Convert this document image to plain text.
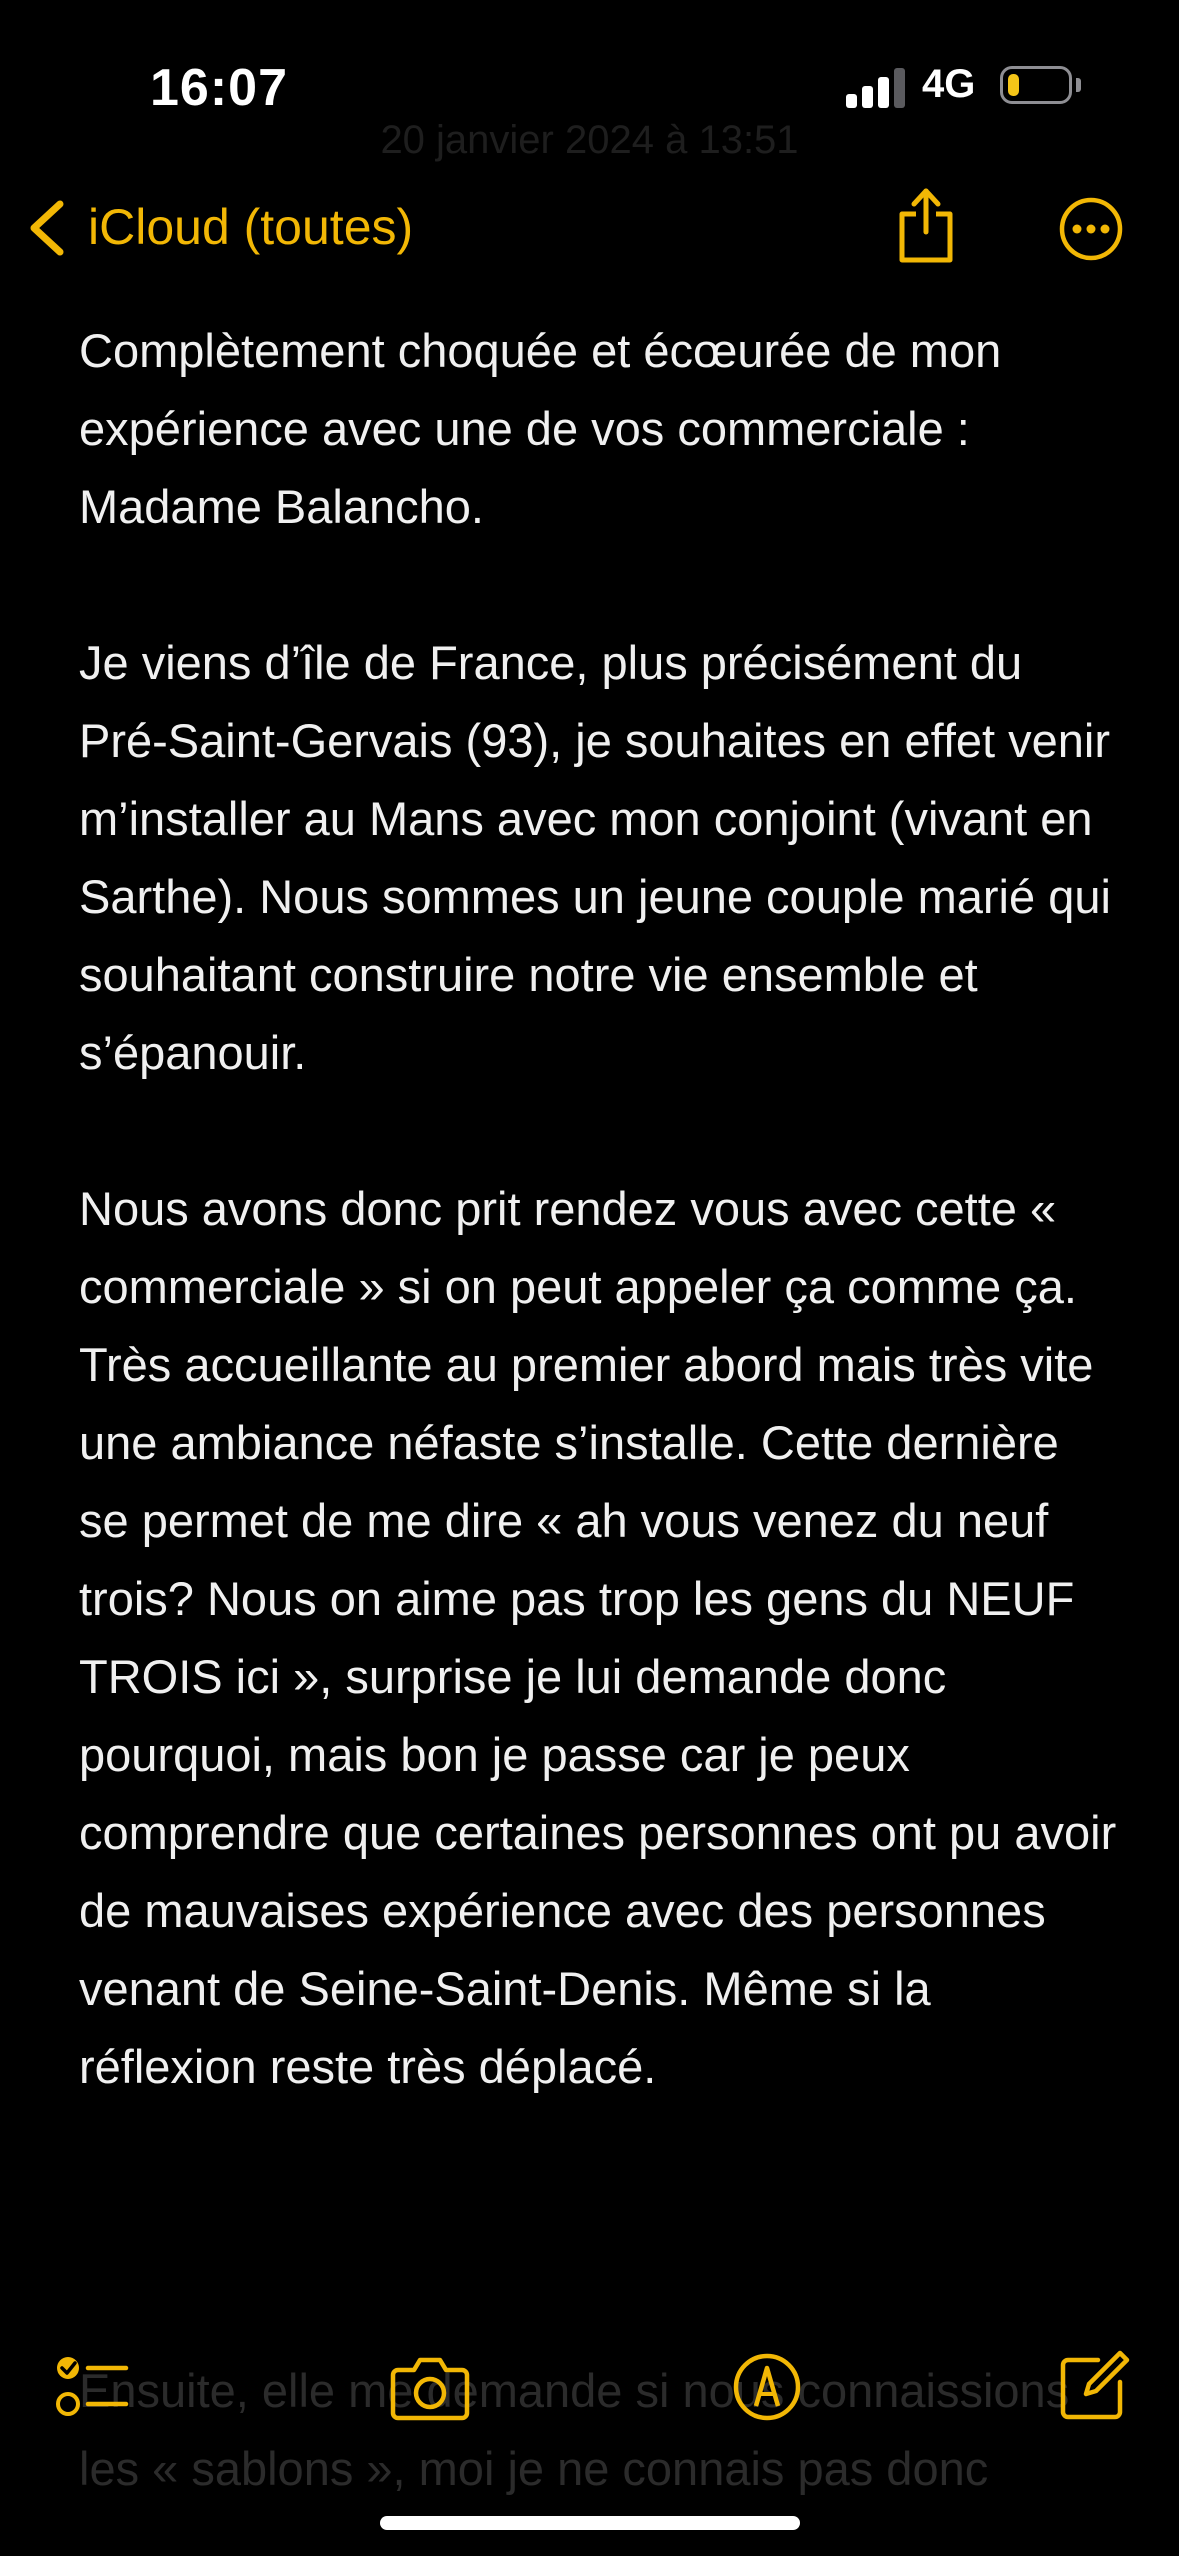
16:07	4G
20 janvier 2024 à 13:51
iCloud (toutes)

Complètement choquée et écœurée de mon expérience avec une de vos commerciale : Madame Balancho.

Je viens d’île de France, plus précisément du Pré-Saint-Gervais (93), je souhaites en effet venir m’installer au Mans avec mon conjoint (vivant en Sarthe). Nous sommes un jeune couple marié qui souhaitant construire notre vie ensemble et s’épanouir.

Nous avons donc prit rendez vous avec cette « commerciale » si on peut appeler ça comme ça.

Très accueillante au premier abord mais très vite une ambiance néfaste s’installe. Cette dernière se permet de me dire « ah vous venez du neuf trois? Nous on aime pas trop les gens du NEUF TROIS ici », surprise je lui demande donc pourquoi, mais bon je passe car je peux comprendre que certaines personnes ont pu avoir de mauvaises expérience avec des personnes venant de Seine-Saint-Denis. Même si la réflexion reste très déplacé.

Ensuite, elle me demande si nous connaissions les « sablons », moi je ne connais pas donc
